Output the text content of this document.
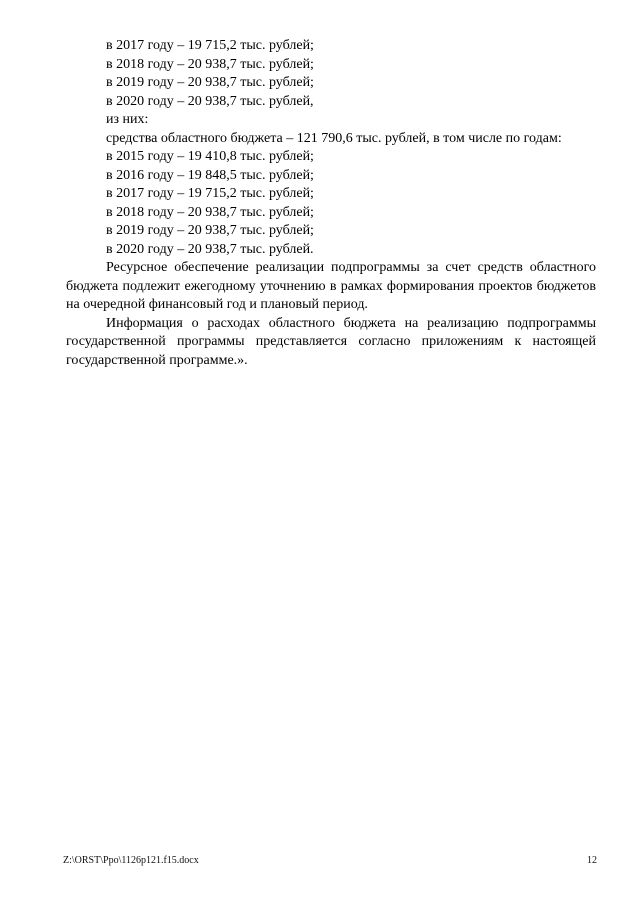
в 2017 году – 19 715,2 тыс. рублей;

в 2018 году – 20 938,7 тыс. рублей;

в 2019 году – 20 938,7 тыс. рублей;

в 2020 году – 20 938,7 тыс. рублей,

из них:

средства областного бюджета – 121 790,6 тыс. рублей, в том числе по годам:

в 2015 году – 19 410,8 тыс. рублей;

в 2016 году – 19 848,5 тыс. рублей;

в 2017 году – 19 715,2 тыс. рублей;

в 2018 году – 20 938,7 тыс. рублей;

в 2019 году – 20 938,7 тыс. рублей;

в 2020 году – 20 938,7 тыс. рублей.

Ресурсное обеспечение реализации подпрограммы за счет средств областного бюджета подлежит ежегодному уточнению в рамках формирования проектов бюджетов на очередной финансовый год и плановый период.

Информация о расходах областного бюджета на реализацию подпрограммы государственной программы представляется согласно приложениям к настоящей государственной программе.».

Z:\ORST\Ppo\1126p121.f15.docx	12
